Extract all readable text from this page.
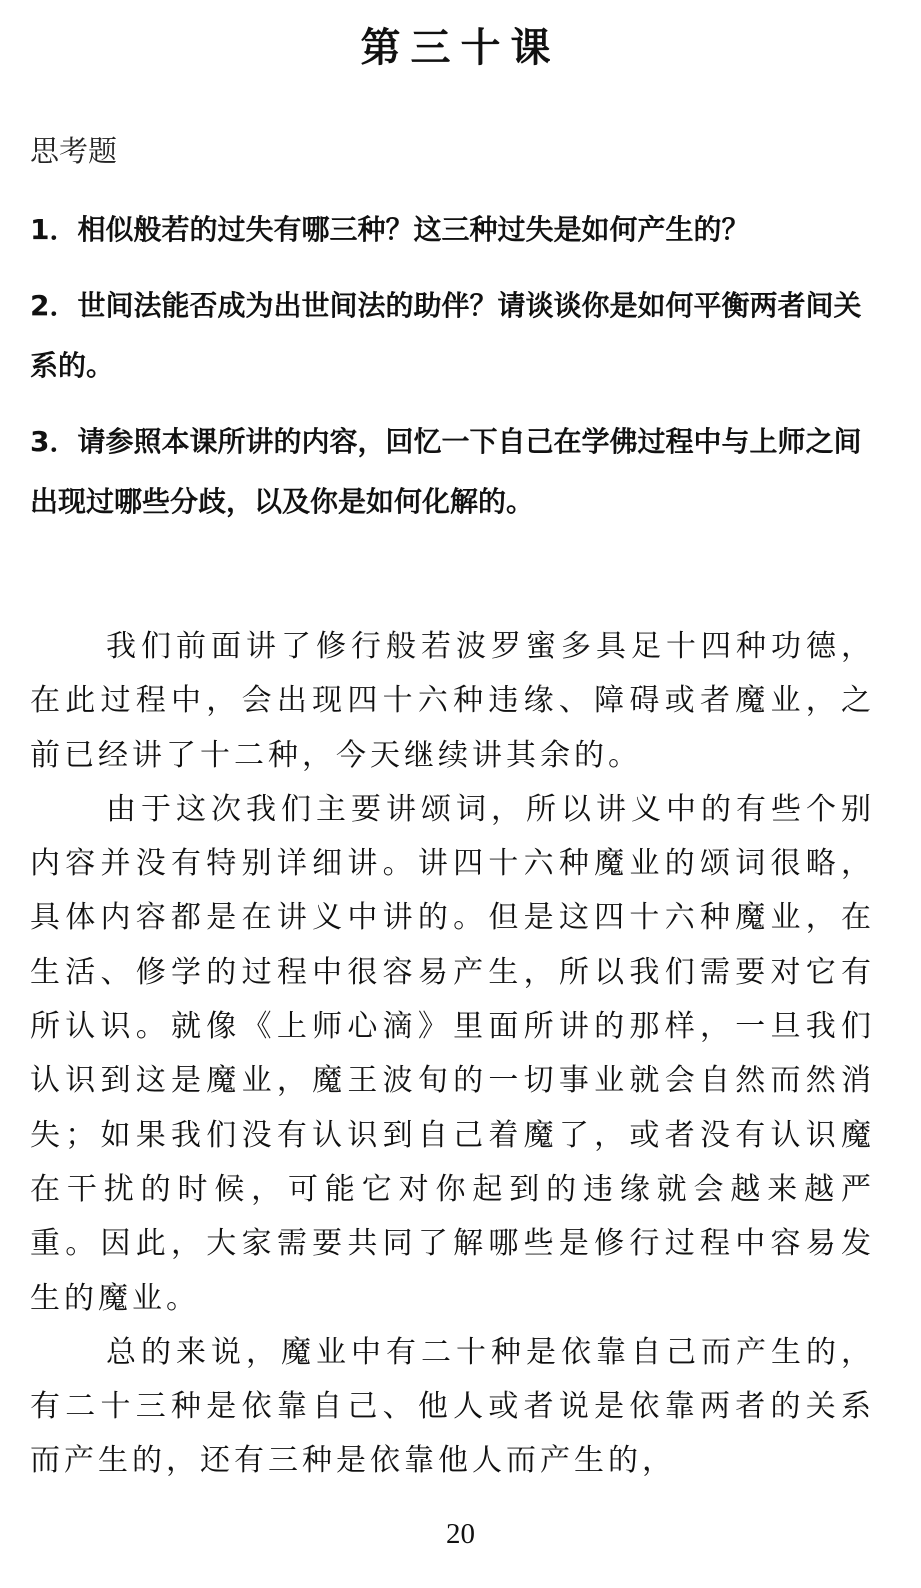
第三十课
思考题

1．相似般若的过失有哪三种？这三种过失是如何产生的？

2．世间法能否成为出世间法的助伴？请谈谈你是如何平衡两者间关系的。

3．请参照本课所讲的内容，回忆一下自己在学佛过程中与上师之间出现过哪些分歧，以及你是如何化解的。

我们前面讲了修行般若波罗蜜多具足十四种功德，在此过程中，会出现四十六种违缘、障碍或者魔业，之前已经讲了十二种，今天继续讲其余的。

由于这次我们主要讲颂词，所以讲义中的有些个别内容并没有特别详细讲。讲四十六种魔业的颂词很略，具体内容都是在讲义中讲的。但是这四十六种魔业，在生活、修学的过程中很容易产生，所以我们需要对它有所认识。就像《上师心滴》里面所讲的那样，一旦我们认识到这是魔业，魔王波旬的一切事业就会自然而然消失；如果我们没有认识到自己着魔了，或者没有认识魔在干扰的时候，可能它对你起到的违缘就会越来越严重。因此，大家需要共同了解哪些是修行过程中容易发生的魔业。

总的来说，魔业中有二十种是依靠自己而产生的，有二十三种是依靠自己、他人或者说是依靠两者的关系而产生的，还有三种是依靠他人而产生的，

20
